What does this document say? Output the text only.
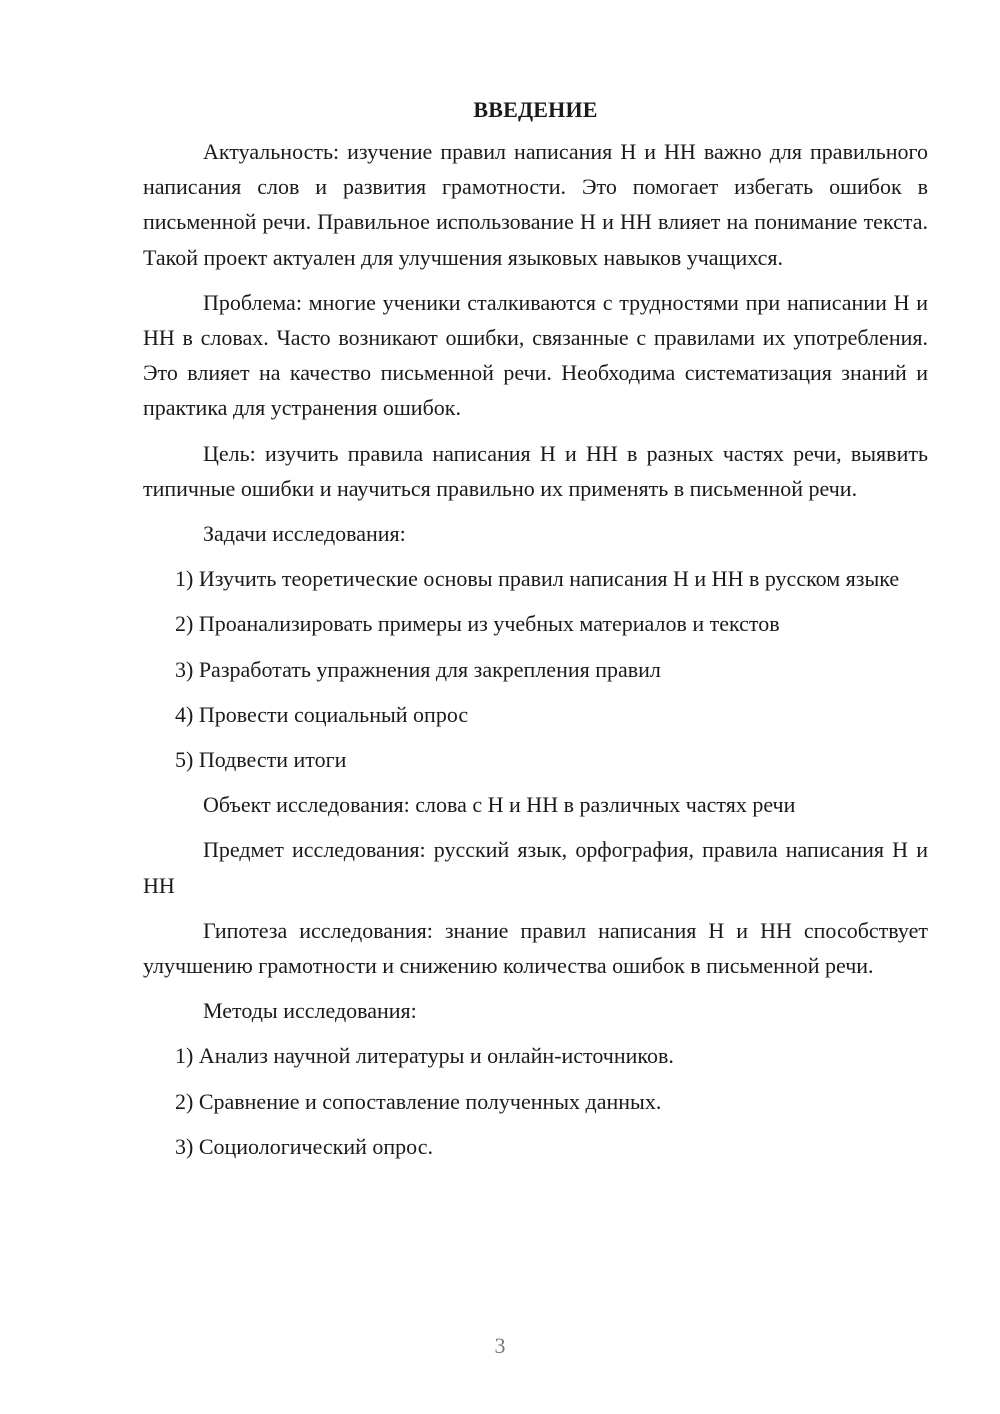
ВВЕДЕНИЕ

Актуальность: изучение правил написания Н и НН важно для правильного написания слов и развития грамотности. Это помогает избегать ошибок в письменной речи. Правильное использование Н и НН влияет на понимание текста. Такой проект актуален для улучшения языковых навыков учащихся.

Проблема: многие ученики сталкиваются с трудностями при написании Н и НН в словах. Часто возникают ошибки, связанные с правилами их употребления. Это влияет на качество письменной речи. Необходима систематизация знаний и практика для устранения ошибок.

Цель: изучить правила написания Н и НН в разных частях речи, выявить типичные ошибки и научиться правильно их применять в письменной речи.

Задачи исследования:

1) Изучить теоретические основы правил написания Н и НН в русском языке

2) Проанализировать примеры из учебных материалов и текстов

3) Разработать упражнения для закрепления правил

4) Провести социальный опрос

5) Подвести итоги

Объект исследования: слова с Н и НН в различных частях речи

Предмет исследования: русский язык, орфография, правила написания Н и НН

Гипотеза исследования: знание правил написания Н и НН способствует улучшению грамотности и снижению количества ошибок в письменной речи.

Методы исследования:

1) Анализ научной литературы и онлайн-источников.

2) Сравнение и сопоставление полученных данных.

3) Социологический опрос.

3
